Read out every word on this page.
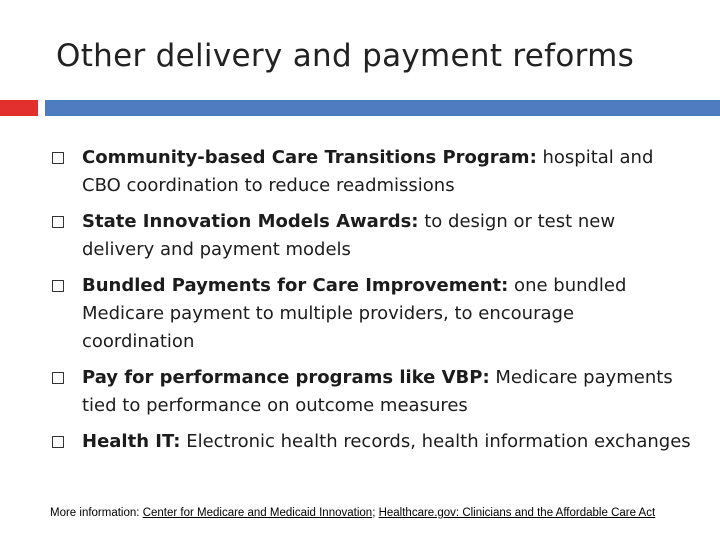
Other delivery and payment reforms
Community-based Care Transitions Program: hospital and CBO coordination to reduce readmissions
State Innovation Models Awards: to design or test new delivery and payment models
Bundled Payments for Care Improvement: one bundled Medicare payment to multiple providers, to encourage coordination
Pay for performance programs like VBP: Medicare payments tied to performance on outcome measures
Health IT: Electronic health records, health information exchanges
More information: Center for Medicare and Medicaid Innovation; Healthcare.gov: Clinicians and the Affordable Care Act
